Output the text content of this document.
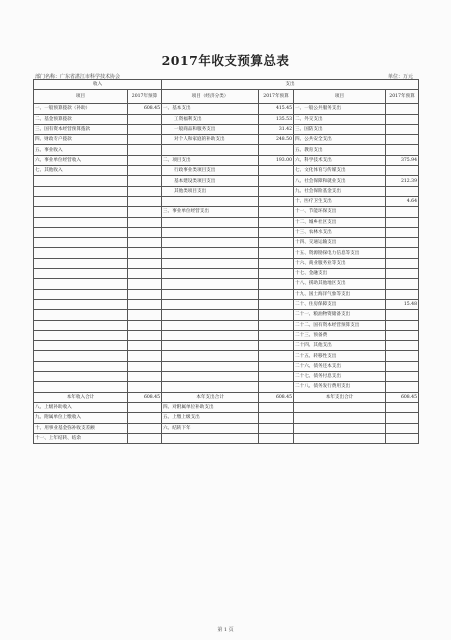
2017年收支预算总表
部门名称：广东省湛江市科学技术协会	单位：万元
收入		支出			
项目	2017年预算	项目（经济分类）	2017年预算	项目	2017年预算
一、一般预算拨款（补助）	608.45	一、基本支出	415.45	一、一般公共服务支出	
二、基金预算拨款		工资福利支出	135.53	二、外交支出	
三、国有资本经营预算拨款		一般商品和服务支出	31.42	三、国防支出	
四、财政专户拨款		对个人和家庭的补助支出	248.50	四、公共安全支出	
五、事业收入				五、教育支出	
六、事业单位经营收入		二、项目支出	193.00	六、科学技术支出	375.94
七、其他收入		行政事业类项目支出		七、文化体育与传媒支出	
		基本建设类项目支出		八、社会保障和就业支出	212.39
		其他类项目支出		九、社会保险基金支出	
				十、医疗卫生支出	4.64
		三、事业单位经营支出		十一、节能环保支出	
				十二、城乡社区支出	
				十三、农林水支出	
				十四、交通运输支出	
				十五、资源勘探电力信息等支出	
				十六、商业服务业等支出	
				十七、金融支出	
				十八、援助其他地区支出	
				十九、国土海洋气象等支出	
				二十、住房保障支出	15.48
				二十一、粮油物资储备支出	
				二十二、国有资本经营预算支出	
				二十三、预备费	
				二十四、其他支出	
				二十五、转移性支出	
				二十六、债务还本支出	
				二十七、债务付息支出	
				二十八、债务发行费用支出	
本年收入合计	608.45	本年支出合计	608.45	本年支出合计	608.45
八、上级补助收入		四、对附属单位补助支出			
九、附属单位上缴收入		五、上缴上级支出			
十、用事业基金弥补收支差额		六、结转下年			
十一、上年结转、结余					
第 1 页
